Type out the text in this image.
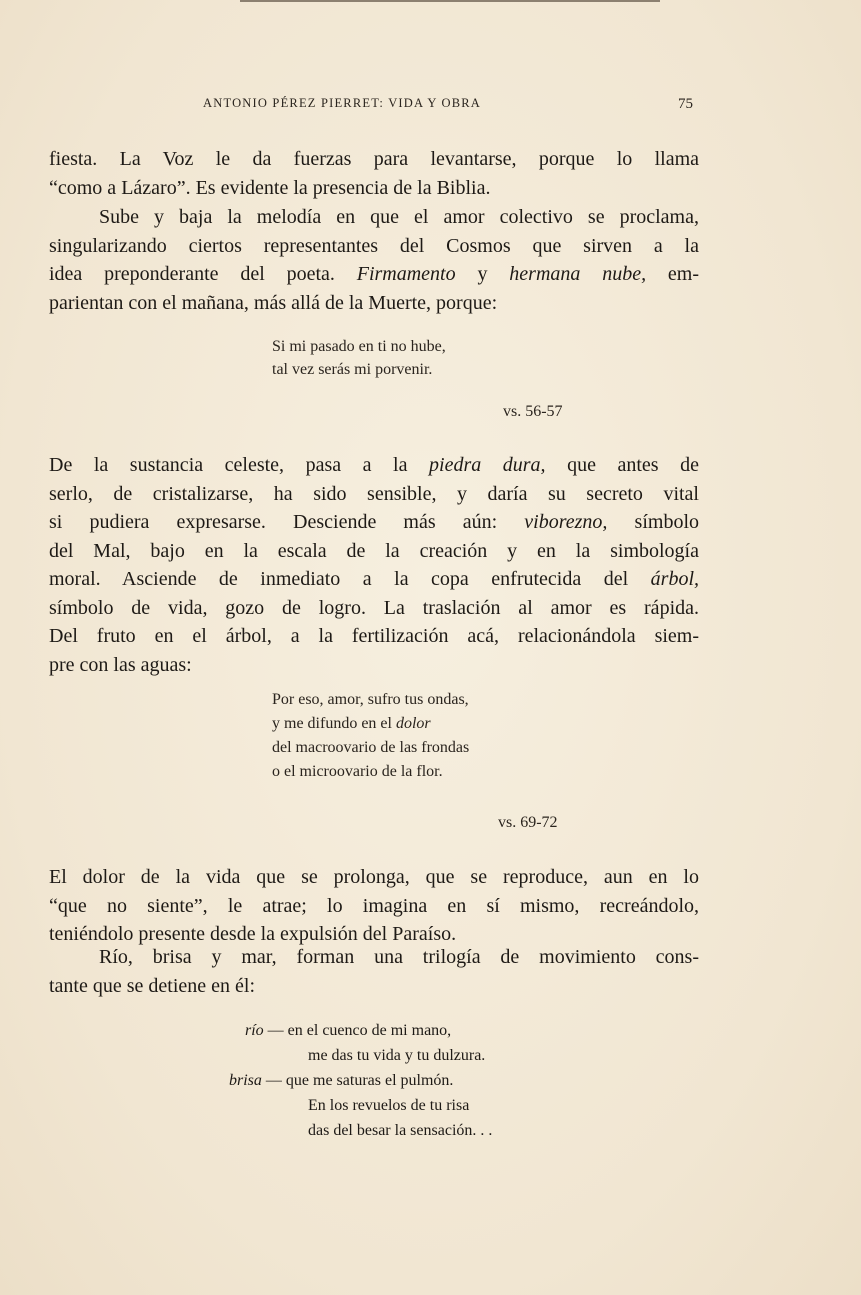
ANTONIO PÉREZ PIERRET: VIDA Y OBRA	75

fiesta. La Voz le da fuerzas para levantarse, porque lo llama
“como a Lázaro”. Es evidente la presencia de la Biblia.

Sube y baja la melodía en que el amor colectivo se proclama,
singularizando ciertos representantes del Cosmos que sirven a la
idea preponderante del poeta. Firmamento y hermana nube, em-
parientan con el mañana, más allá de la Muerte, porque:

Si mi pasado en ti no hube,
tal vez serás mi porvenir.
vs. 56-57

De la sustancia celeste, pasa a la piedra dura, que antes de
serlo, de cristalizarse, ha sido sensible, y daría su secreto vital
si pudiera expresarse. Desciende más aún: viborezno, símbolo
del Mal, bajo en la escala de la creación y en la simbología
moral. Asciende de inmediato a la copa enfrutecida del árbol,
símbolo de vida, gozo de logro. La traslación al amor es rápida.
Del fruto en el árbol, a la fertilización acá, relacionándola siem-
pre con las aguas:

Por eso, amor, sufro tus ondas,
y me difundo en el dolor
del macroovario de las frondas
o el microovario de la flor.
vs. 69-72

El dolor de la vida que se prolonga, que se reproduce, aun en lo
“que no siente”, le atrae; lo imagina en sí mismo, recreándolo,
teniéndolo presente desde la expulsión del Paraíso.

Río, brisa y mar, forman una trilogía de movimiento cons-
tante que se detiene en él:

río — en el cuenco de mi mano,
me das tu vida y tu dulzura.
brisa — que me saturas el pulmón.
En los revuelos de tu risa
das del besar la sensación. . .
